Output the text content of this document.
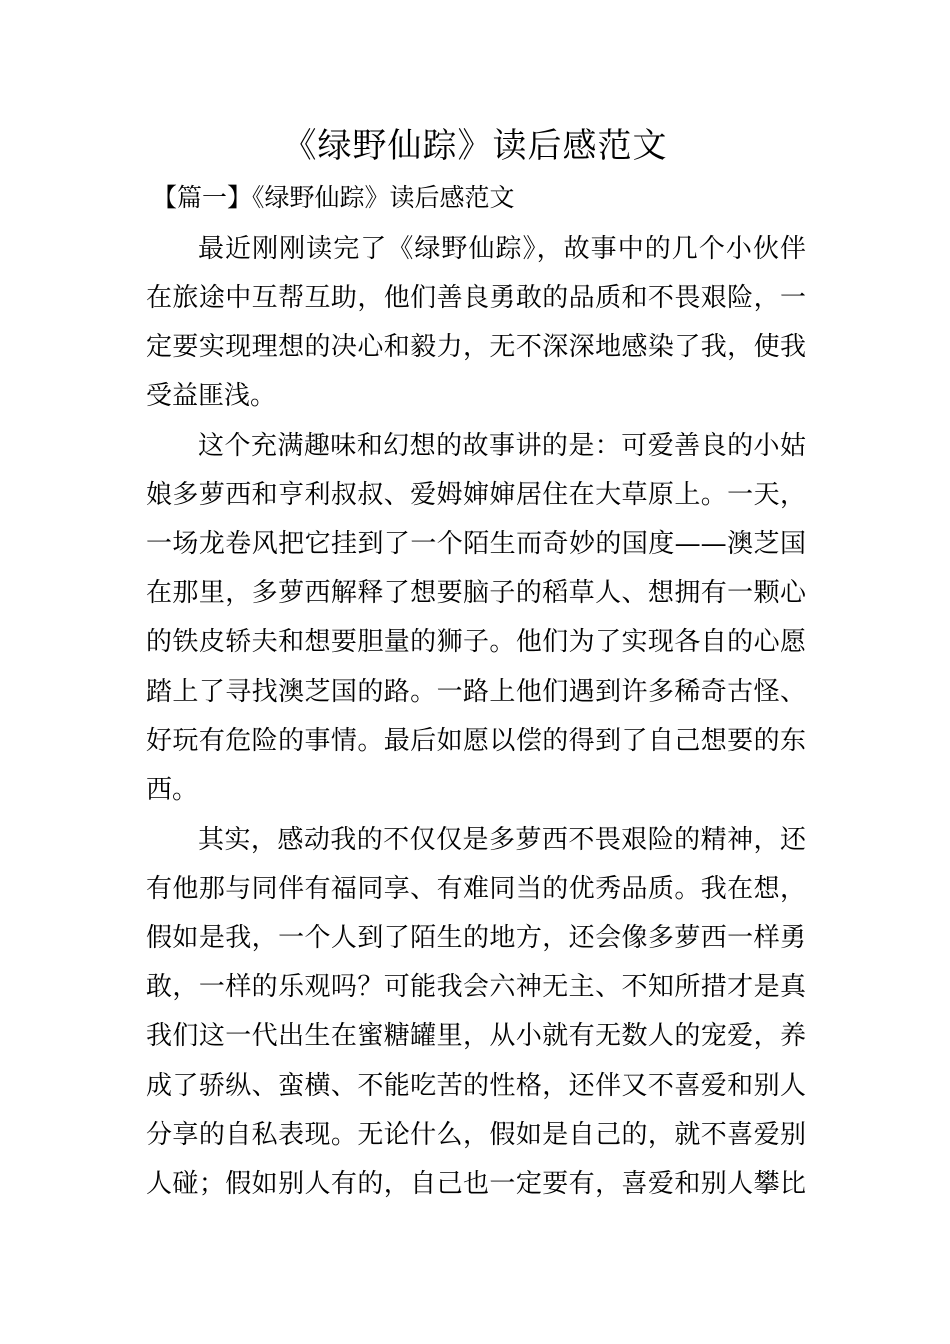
《绿野仙踪》读后感范文
【篇一】《绿野仙踪》读后感范文
最近刚刚读完了《绿野仙踪》，故事中的几个小伙伴
在旅途中互帮互助，他们善良勇敢的品质和不畏艰险，一
定要实现理想的决心和毅力，无不深深地感染了我，使我
受益匪浅。
这个充满趣味和幻想的故事讲的是：可爱善良的小姑
娘多萝西和亨利叔叔、爱姆婶婶居住在大草原上。一天，
一场龙卷风把它挂到了一个陌生而奇妙的国度——澳芝国
在那里，多萝西解释了想要脑子的稻草人、想拥有一颗心
的铁皮轿夫和想要胆量的狮子。他们为了实现各自的心愿
踏上了寻找澳芝国的路。一路上他们遇到许多稀奇古怪、
好玩有危险的事情。最后如愿以偿的得到了自己想要的东
西。
其实，感动我的不仅仅是多萝西不畏艰险的精神，还
有他那与同伴有福同享、有难同当的优秀品质。我在想，
假如是我，一个人到了陌生的地方，还会像多萝西一样勇
敢，一样的乐观吗？可能我会六神无主、不知所措才是真
我们这一代出生在蜜糖罐里，从小就有无数人的宠爱，养
成了骄纵、蛮横、不能吃苦的性格，还伴又不喜爱和别人
分享的自私表现。无论什么，假如是自己的，就不喜爱别
人碰；假如别人有的，自己也一定要有，喜爱和别人攀比
